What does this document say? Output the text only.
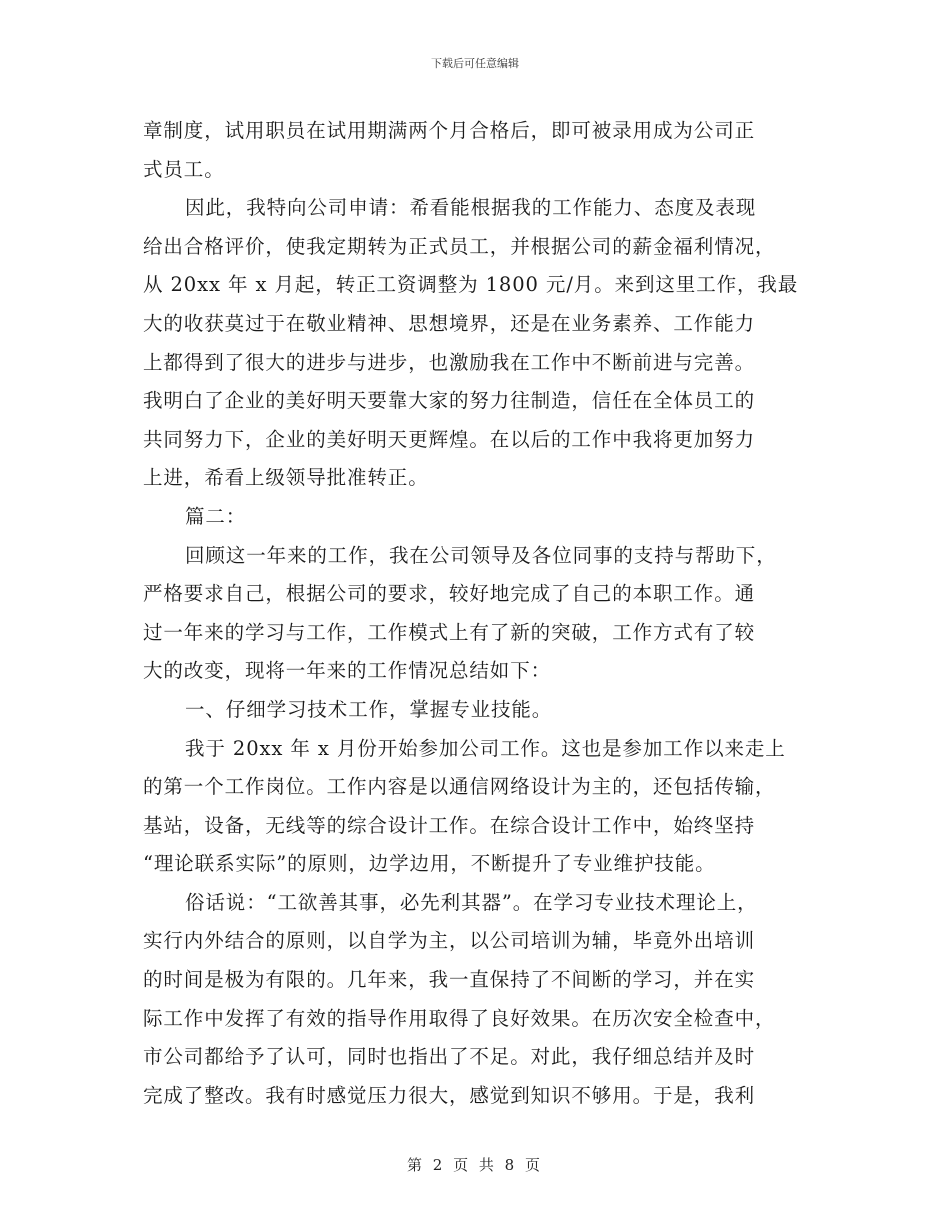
下载后可任意编辑
章制度，试用职员在试用期满两个月合格后，即可被录用成为公司正
式员工。
因此，我特向公司申请：希看能根据我的工作能力、态度及表现
给出合格评价，使我定期转为正式员工，并根据公司的薪金福利情况，
从 20xx 年 x 月起，转正工资调整为 1800 元/月。来到这里工作，我最
大的收获莫过于在敬业精神、思想境界，还是在业务素养、工作能力
上都得到了很大的进步与进步，也激励我在工作中不断前进与完善。
我明白了企业的美好明天要靠大家的努力往制造，信任在全体员工的
共同努力下，企业的美好明天更辉煌。在以后的工作中我将更加努力
上进，希看上级领导批准转正。
篇二：
回顾这一年来的工作，我在公司领导及各位同事的支持与帮助下，
严格要求自己，根据公司的要求，较好地完成了自己的本职工作。通
过一年来的学习与工作，工作模式上有了新的突破，工作方式有了较
大的改变，现将一年来的工作情况总结如下：
一、仔细学习技术工作，掌握专业技能。
我于 20xx 年 x 月份开始参加公司工作。这也是参加工作以来走上
的第一个工作岗位。工作内容是以通信网络设计为主的，还包括传输，
基站，设备，无线等的综合设计工作。在综合设计工作中，始终坚持
“理论联系实际”的原则，边学边用，不断提升了专业维护技能。
俗话说：“工欲善其事，必先利其器”。在学习专业技术理论上，
实行内外结合的原则，以自学为主，以公司培训为辅，毕竟外出培训
的时间是极为有限的。几年来，我一直保持了不间断的学习，并在实
际工作中发挥了有效的指导作用取得了良好效果。在历次安全检查中，
市公司都给予了认可，同时也指出了不足。对此，我仔细总结并及时
完成了整改。我有时感觉压力很大，感觉到知识不够用。于是，我利
第 2 页 共 8 页
